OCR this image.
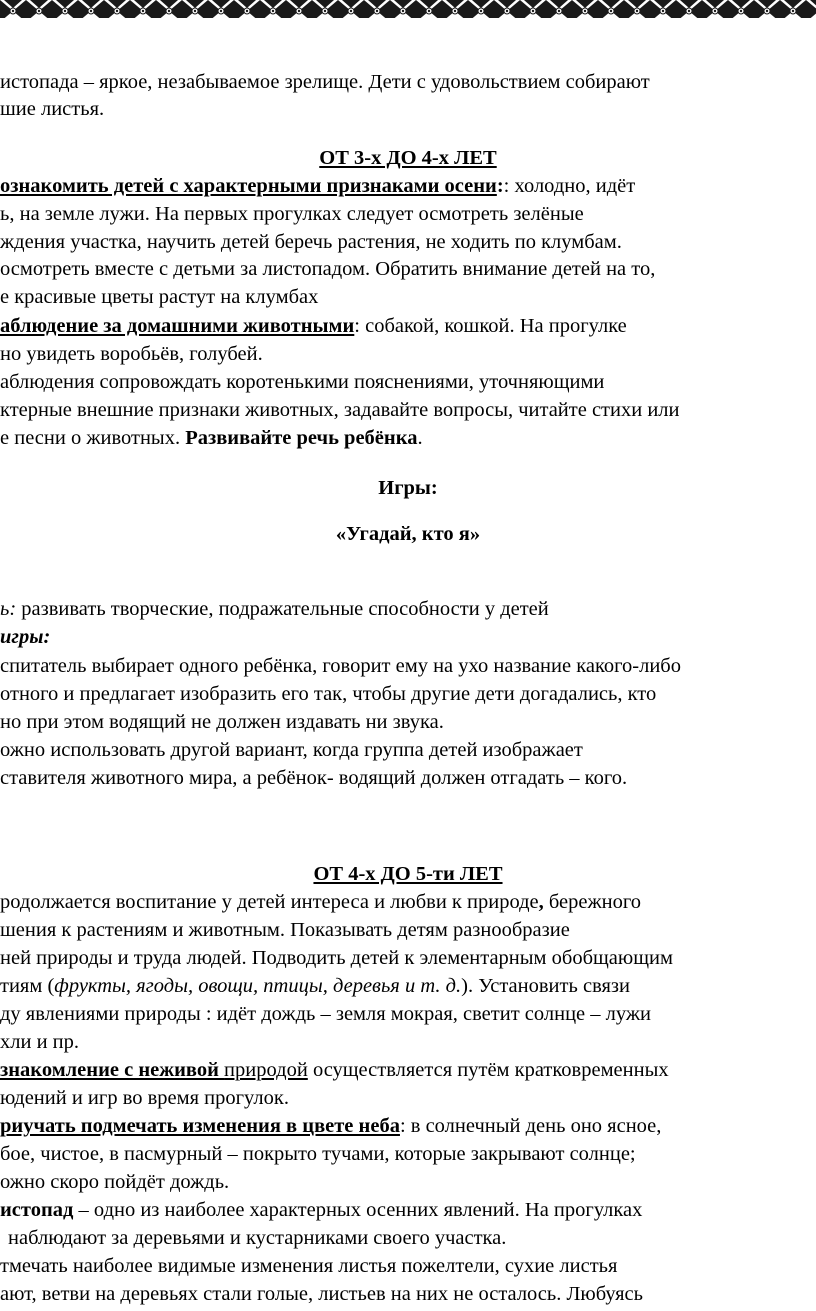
истопада – яркое, незабываемое зрелище. Дети с удовольствием собирают
шие листья.
ОТ 3-х ДО 4-х ЛЕТ
ознакомить детей с характерными признаками осени:: холодно, идёт
ь, на земле лужи. На первых прогулках следует осмотреть зелёные
ждения участка, научить детей беречь растения, не ходить по клумбам.
осмотреть вместе с детьми за листопадом. Обратить внимание детей на то,
е красивые цветы растут на клумбах
аблюдение за домашними животными: собакой, кошкой. На прогулке
но увидеть воробьёв, голубей.
аблюдения сопровождать коротенькими пояснениями, уточняющими
ктерные внешние признаки животных, задавайте вопросы, читайте стихи или
е песни о животных. Развивайте речь ребёнка.
Игры:
«Угадай, кто я»
ь: развивать творческие, подражательные способности у детей
игры:
спитатель выбирает одного ребёнка, говорит ему на ухо название какого-либо
отного и предлагает изобразить его так, чтобы другие дети догадались, кто
но при этом водящий не должен издавать ни звука.
ожно использовать другой вариант, когда группа детей изображает
ставителя животного мира, а ребёнок- водящий должен отгадать – кого.
ОТ 4-х ДО 5-ти ЛЕТ
родолжается воспитание у детей интереса и любви к природе, бережного
шения к растениям и животным. Показывать детям разнообразие
ней природы и труда людей. Подводить детей к элементарным обобщающим
тиям (фрукты, ягоды, овощи, птицы, деревья и т. д.). Установить связи
ду явлениями природы : идёт дождь – земля мокрая, светит солнце – лужи
хли и пр.
знакомление с неживой природой осуществляется путём кратковременных
юдений и игр во время прогулок.
риучать подмечать изменения в цвете неба: в солнечный день оно ясное,
бое, чистое, в пасмурный – покрыто тучами, которые закрывают солнце;
ожно скоро пойдёт дождь.
истопад – одно из наиболее характерных осенних явлений. На прогулках
наблюдают за деревьями и кустарниками своего участка.
тмечать наиболее видимые изменения листья пожелтели, сухие листья
ают, ветви на деревьях стали голые, листьев на них не осталось. Любуясь
